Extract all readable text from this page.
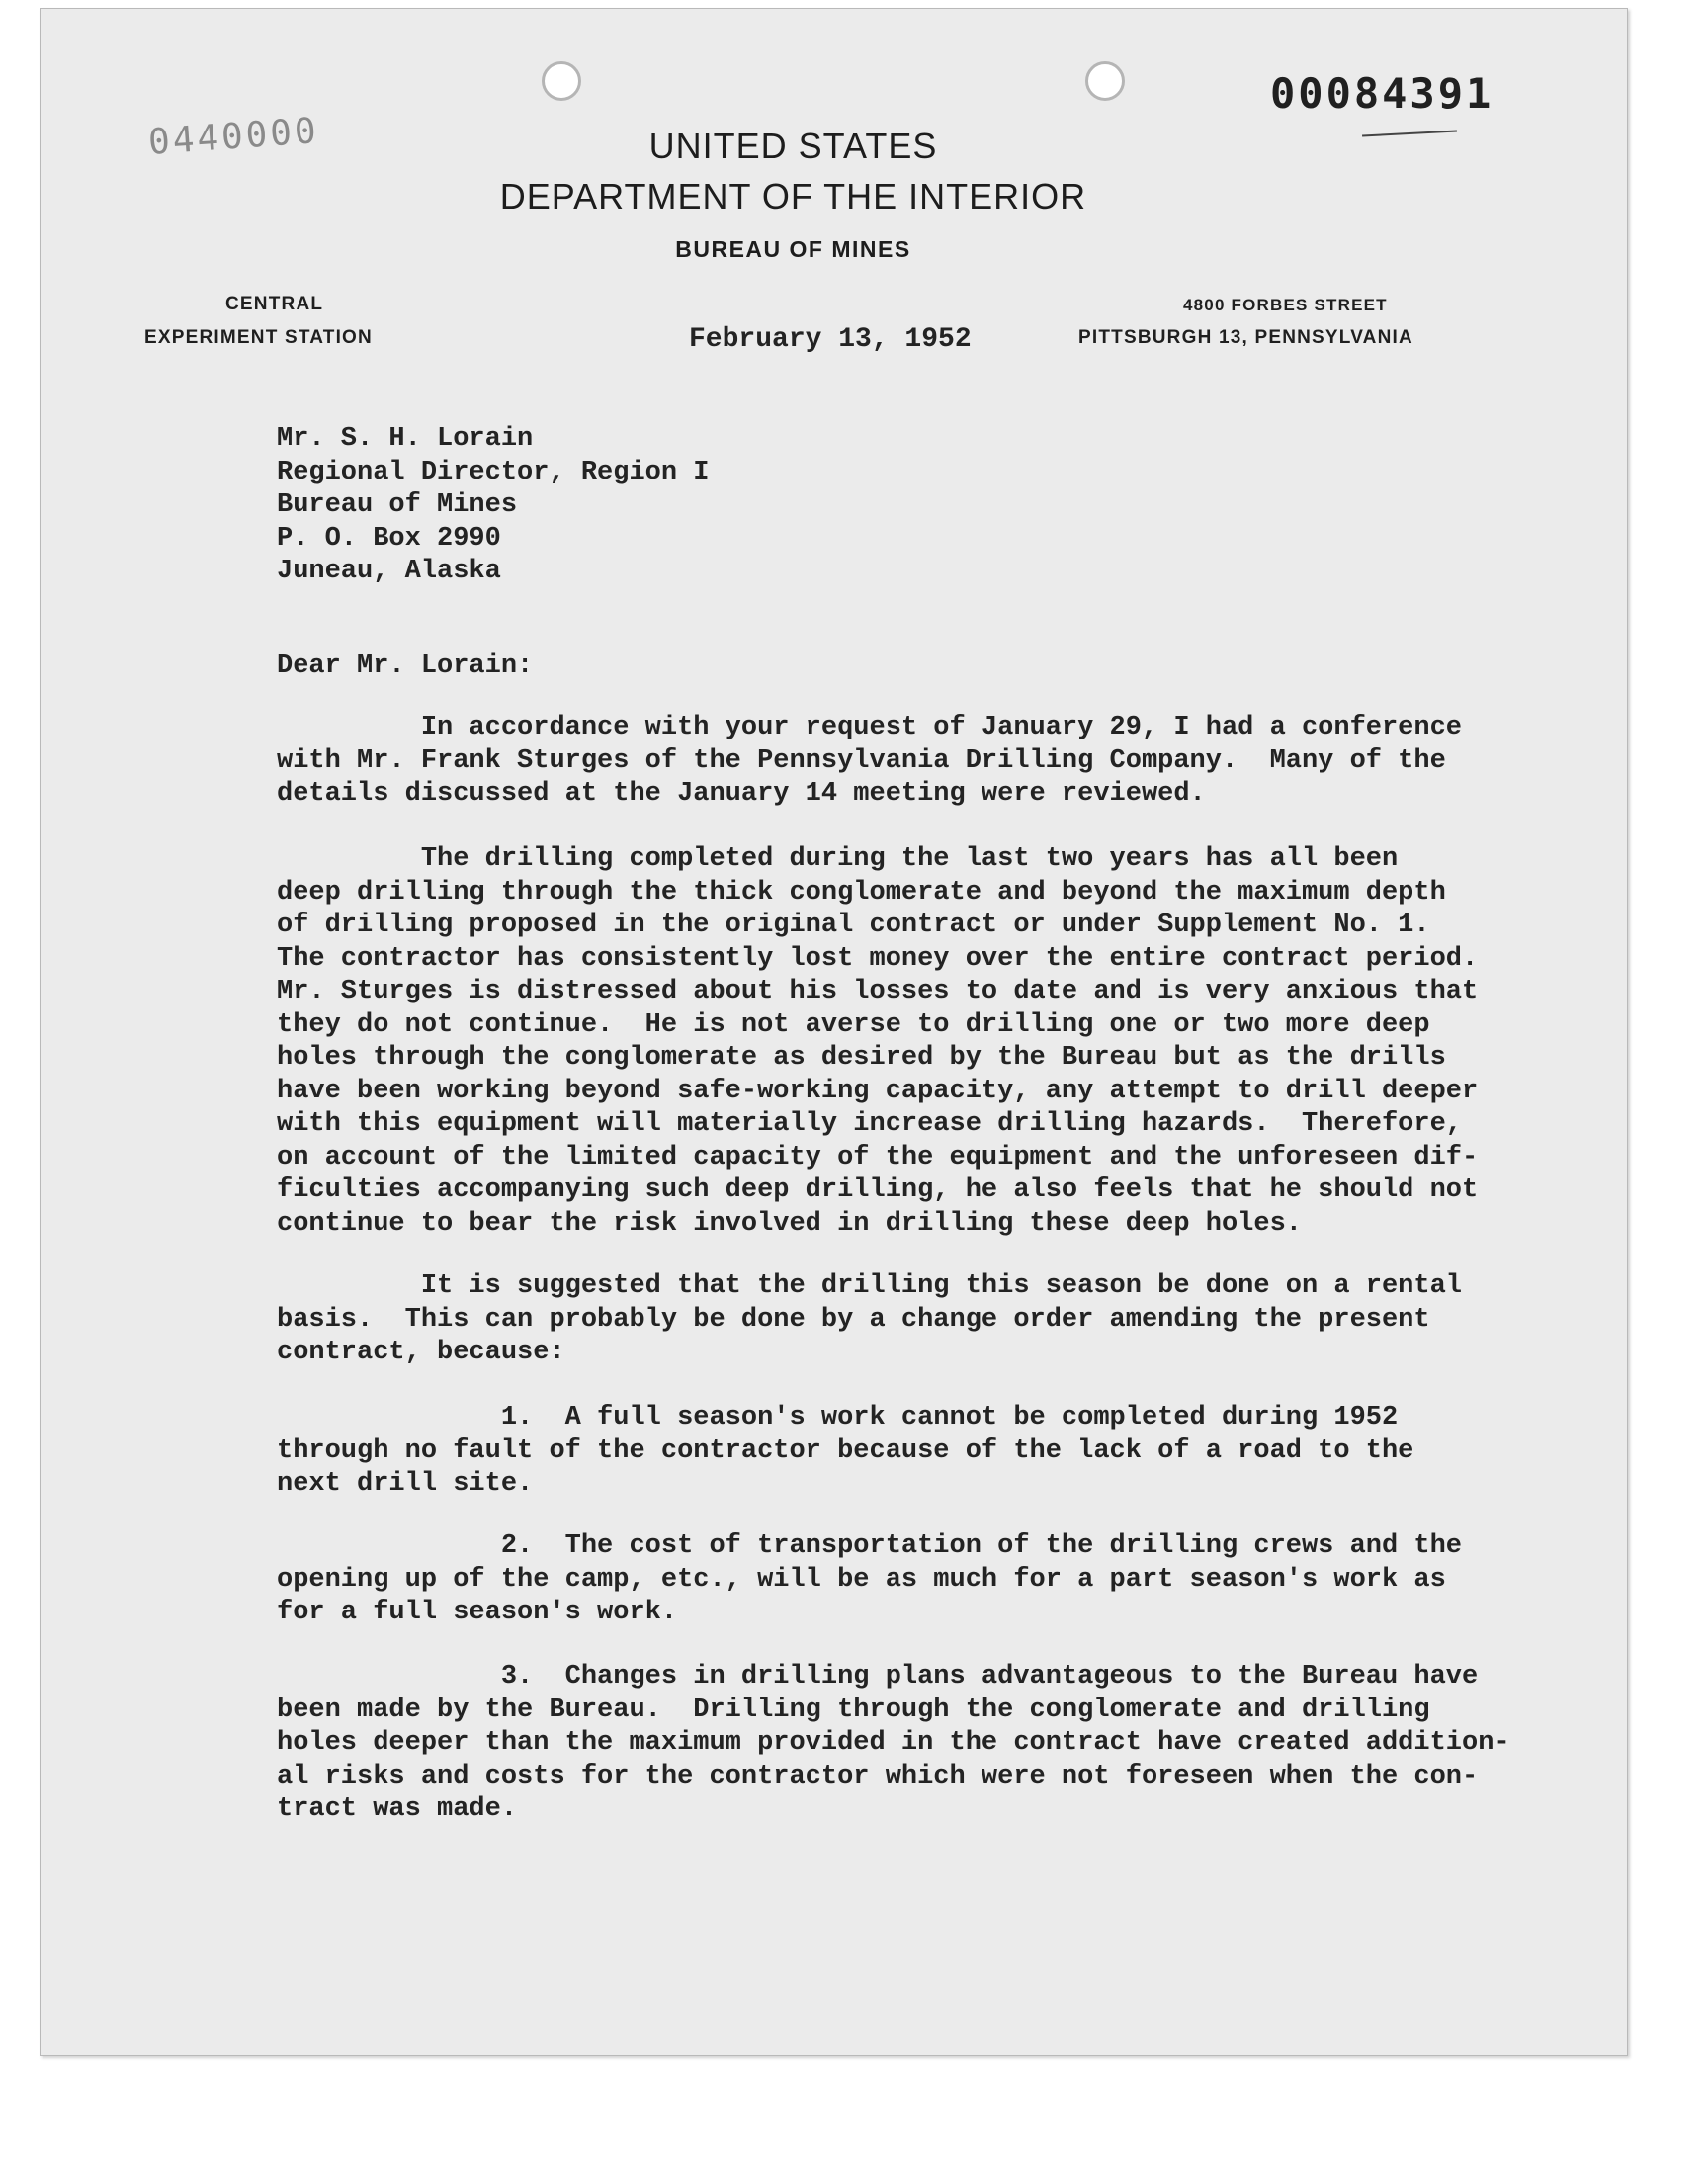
0440000
00084391
UNITED STATES
DEPARTMENT OF THE INTERIOR
BUREAU OF MINES
CENTRAL
EXPERIMENT STATION
4800 FORBES STREET
PITTSBURGH 13, PENNSYLVANIA
February 13, 1952
Mr. S. H. Lorain
Regional Director, Region I
Bureau of Mines
P. O. Box 2990
Juneau, Alaska
Dear Mr. Lorain:
In accordance with your request of January 29, I had a conference
with Mr. Frank Sturges of the Pennsylvania Drilling Company.  Many of the
details discussed at the January 14 meeting were reviewed.
The drilling completed during the last two years has all been
deep drilling through the thick conglomerate and beyond the maximum depth
of drilling proposed in the original contract or under Supplement No. 1.
The contractor has consistently lost money over the entire contract period.
Mr. Sturges is distressed about his losses to date and is very anxious that
they do not continue.  He is not averse to drilling one or two more deep
holes through the conglomerate as desired by the Bureau but as the drills
have been working beyond safe-working capacity, any attempt to drill deeper
with this equipment will materially increase drilling hazards.  Therefore,
on account of the limited capacity of the equipment and the unforeseen dif-
ficulties accompanying such deep drilling, he also feels that he should not
continue to bear the risk involved in drilling these deep holes.
It is suggested that the drilling this season be done on a rental
basis.  This can probably be done by a change order amending the present
contract, because:
1.  A full season's work cannot be completed during 1952
through no fault of the contractor because of the lack of a road to the
next drill site.
2.  The cost of transportation of the drilling crews and the
opening up of the camp, etc., will be as much for a part season's work as
for a full season's work.
3.  Changes in drilling plans advantageous to the Bureau have
been made by the Bureau.  Drilling through the conglomerate and drilling
holes deeper than the maximum provided in the contract have created addition-
al risks and costs for the contractor which were not foreseen when the con-
tract was made.
